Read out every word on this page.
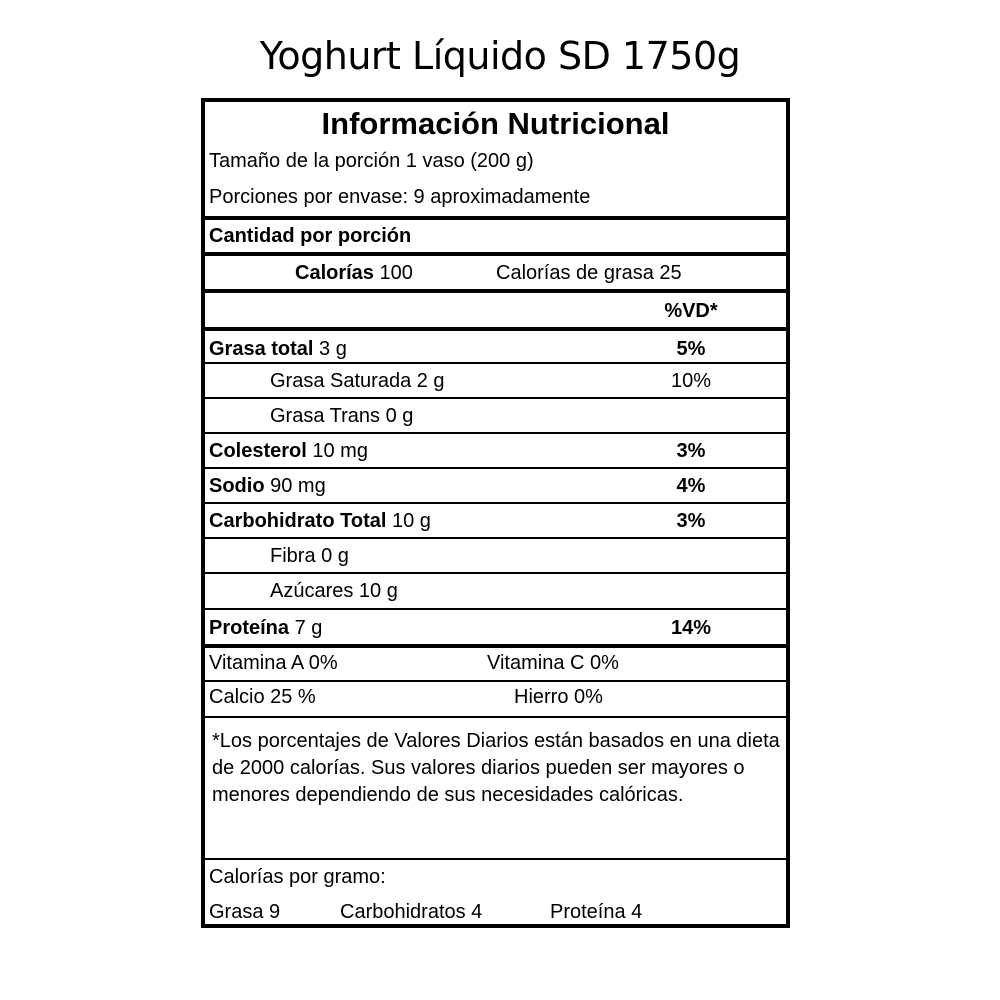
Yoghurt Líquido SD 1750g
Información Nutricional
Tamaño de la porción 1 vaso (200 g)
Porciones por envase: 9 aproximadamente
Cantidad por porción
Calorías 100	Calorías de grasa 25
%VD*
Grasa total 3 g	5%
Grasa Saturada 2 g	10%
Grasa Trans 0 g
Colesterol 10 mg	3%
Sodio 90 mg	4%
Carbohidrato Total 10 g	3%
Fibra 0 g
Azúcares 10 g
Proteína 7 g	14%
Vitamina A 0%	Vitamina C 0%
Calcio 25 %	Hierro 0%
*Los porcentajes de Valores Diarios están basados en una dieta de 2000 calorías. Sus valores diarios pueden ser mayores o menores dependiendo de sus necesidades calóricas.
Calorías por gramo:
Grasa 9	Carbohidratos 4	Proteína 4
